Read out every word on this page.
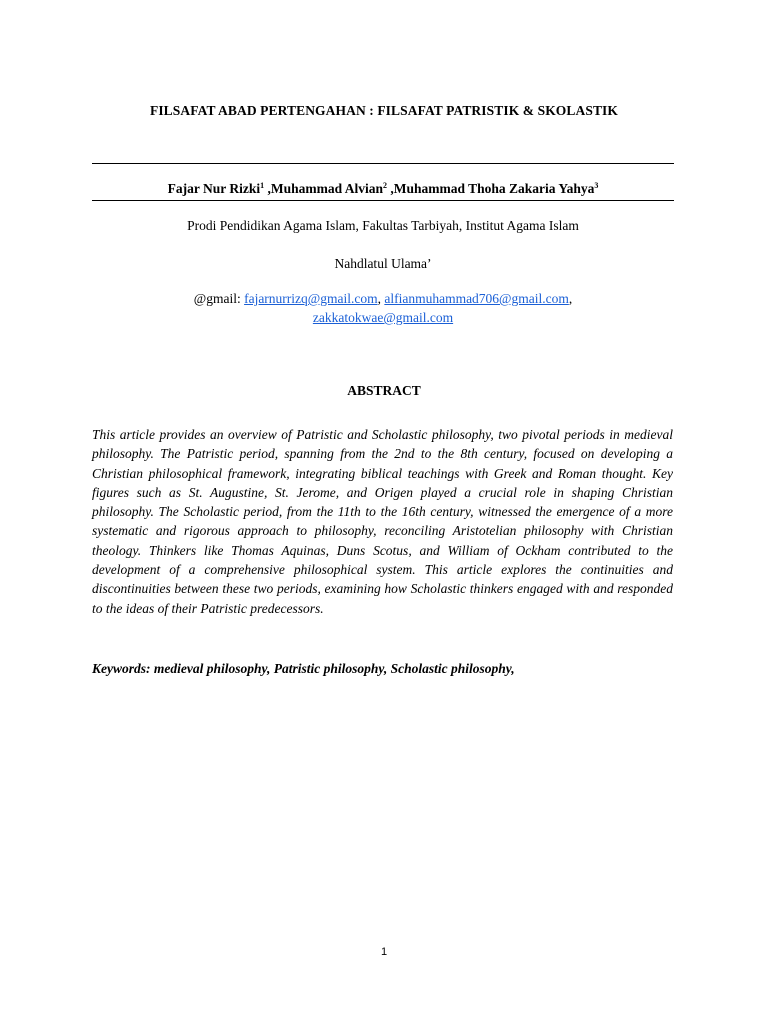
FILSAFAT ABAD PERTENGAHAN : FILSAFAT PATRISTIK & SKOLASTIK
Fajar Nur Rizki$^1$ ,Muhammad Alvian$^2$ ,Muhammad Thoha Zakaria Yahya$^3$
Prodi Pendidikan Agama Islam, Fakultas Tarbiyah, Institut Agama Islam
Nahdlatul Ulama’
@gmail: fajarnurrizq@gmail.com, alfianmuhammad706@gmail.com,
zakkatokwae@gmail.com
ABSTRACT
This article provides an overview of Patristic and Scholastic philosophy, two pivotal periods in medieval philosophy. The Patristic period, spanning from the 2nd to the 8th century, focused on developing a Christian philosophical framework, integrating biblical teachings with Greek and Roman thought. Key figures such as St. Augustine, St. Jerome, and Origen played a crucial role in shaping Christian philosophy. The Scholastic period, from the 11th to the 16th century, witnessed the emergence of a more systematic and rigorous approach to philosophy, reconciling Aristotelian philosophy with Christian theology. Thinkers like Thomas Aquinas, Duns Scotus, and William of Ockham contributed to the development of a comprehensive philosophical system. This article explores the continuities and discontinuities between these two periods, examining how Scholastic thinkers engaged with and responded to the ideas of their Patristic predecessors.
Keywords: medieval philosophy, Patristic philosophy, Scholastic philosophy,
1
